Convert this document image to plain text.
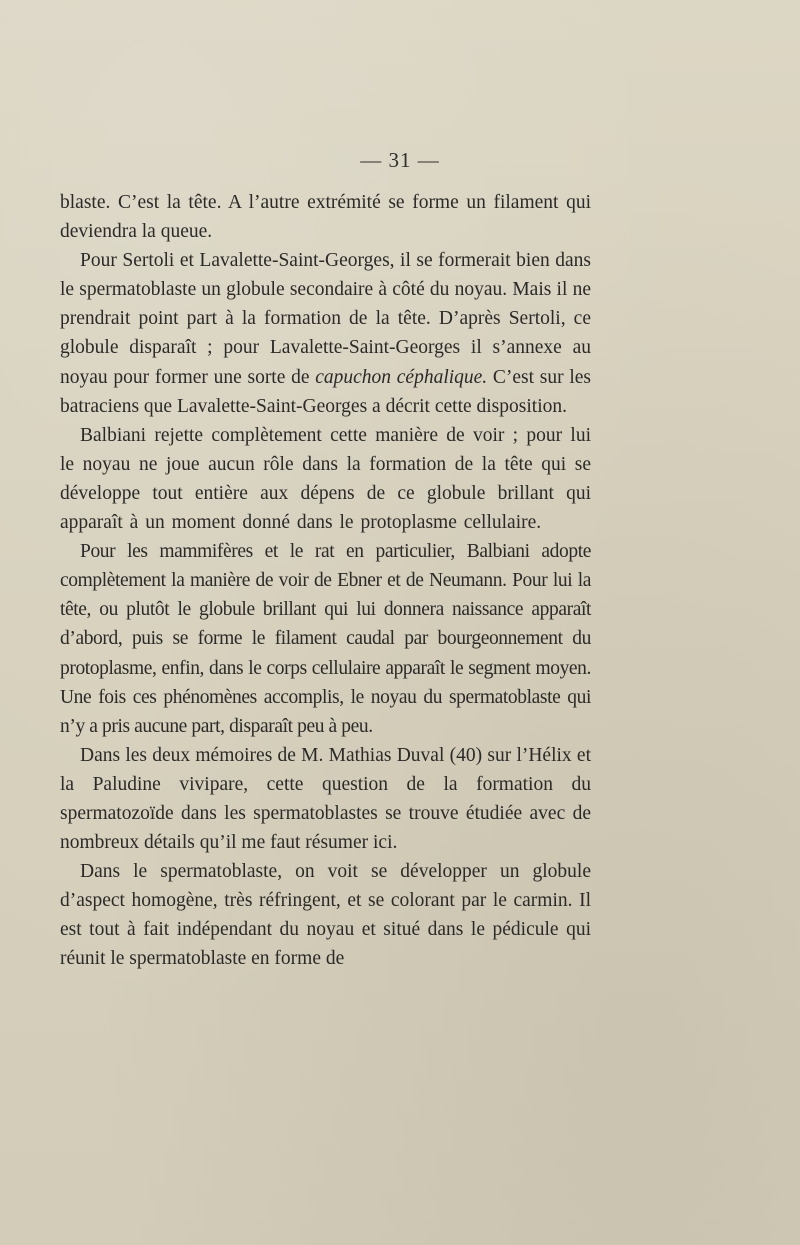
— 31 —

blaste. C’est la tête. A l’autre extrémité se forme un filament qui deviendra la queue.

Pour Sertoli et Lavalette-Saint-Georges, il se formerait bien dans le spermatoblaste un globule secondaire à côté du noyau. Mais il ne prendrait point part à la formation de la tête. D’après Sertoli, ce globule disparaît ; pour Lavalette-Saint-Georges il s’annexe au noyau pour former une sorte de capuchon céphalique. C’est sur les batraciens que Lavalette-Saint-Georges a décrit cette disposition.

Balbiani rejette complètement cette manière de voir ; pour lui le noyau ne joue aucun rôle dans la formation de la tête qui se développe tout entière aux dépens de ce globule brillant qui apparaît à un moment donné dans le protoplasme cellulaire.

Pour les mammifères et le rat en particulier, Balbiani adopte complètement la manière de voir de Ebner et de Neumann. Pour lui la tête, ou plutôt le globule brillant qui lui donnera naissance apparaît d’abord, puis se forme le filament caudal par bourgeonnement du protoplasme, enfin, dans le corps cellulaire apparaît le segment moyen. Une fois ces phénomènes accomplis, le noyau du spermatoblaste qui n’y a pris aucune part, disparaît peu à peu.

Dans les deux mémoires de M. Mathias Duval (40) sur l’Hélix et la Paludine vivipare, cette question de la formation du spermatozoïde dans les spermatoblastes se trouve étudiée avec de nombreux détails qu’il me faut résumer ici.

Dans le spermatoblaste, on voit se développer un globule d’aspect homogène, très réfringent, et se colorant par le carmin. Il est tout à fait indépendant du noyau et situé dans le pédicule qui réunit le spermatoblaste en forme de
